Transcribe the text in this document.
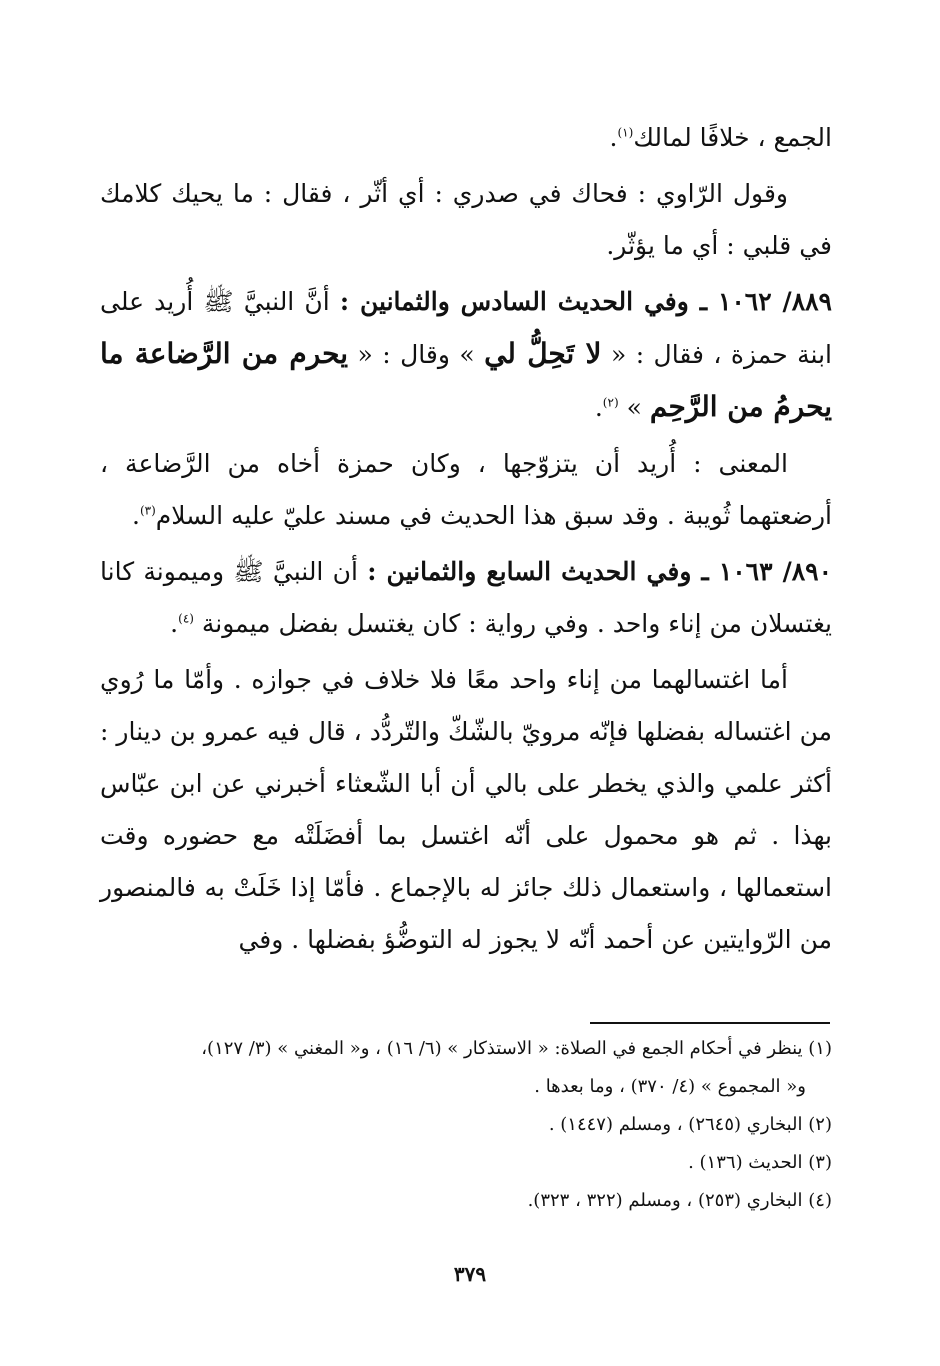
الجمع ، خلافًا لمالك$^{(١)}$.

وقول الرّاوي : فحاك في صدري : أي أثّر ، فقال : ما يحيك كلامك في قلبي : أي ما يؤثّر.

٨٨٩/ ١٠٦٢ ـ وفي الحديث السادس والثمانين : أنَّ النبيَّ ﷺ أُريد على ابنة حمزة ، فقال : « لا تَحِلُّ لي » وقال : « يحرم من الرَّضاعة ما يحرمُ من الرَّحِم » $^{(٢)}$.

المعنى : أُريد أن يتزوّجها ، وكان حمزة أخاه من الرَّضاعة ، أرضعتهما ثُويبة . وقد سبق هذا الحديث في مسند عليّ عليه السلام$^{(٣)}$.

٨٩٠/ ١٠٦٣ ـ وفي الحديث السابع والثمانين : أن النبيَّ ﷺ وميمونة كانا يغتسلان من إناء واحد . وفي رواية : كان يغتسل بفضل ميمونة $^{(٤)}$.

أما اغتسالهما من إناء واحد معًا فلا خلاف في جوازه . وأمّا ما رُوي من اغتساله بفضلها فإنّه مرويّ بالشّكّ والتّردُّد ، قال فيه عمرو بن دينار : أكثر علمي والذي يخطر على بالي أن أبا الشّعثاء أخبرني عن ابن عبّاس بهذا . ثم هو محمول على أنّه اغتسل بما أفضَلَتْه مع حضوره وقت استعمالها ، واستعمال ذلك جائز له بالإجماع . فأمّا إذا خَلَتْ به فالمنصور من الرّوايتين عن أحمد أنّه لا يجوز له التوضُّؤ بفضلها . وفي

(١) ينظر في أحكام الجمع في الصلاة: « الاستذكار » (٦/ ١٦) ، و« المغني » (٣/ ١٢٧)،

و« المجموع » (٤/ ٣٧٠) ، وما بعدها .

(٢) البخاري (٢٦٤٥) ، ومسلم (١٤٤٧) .

(٣) الحديث (١٣٦) .

(٤) البخاري (٢٥٣) ، ومسلم (٣٢٢ ، ٣٢٣).

٣٧٩
